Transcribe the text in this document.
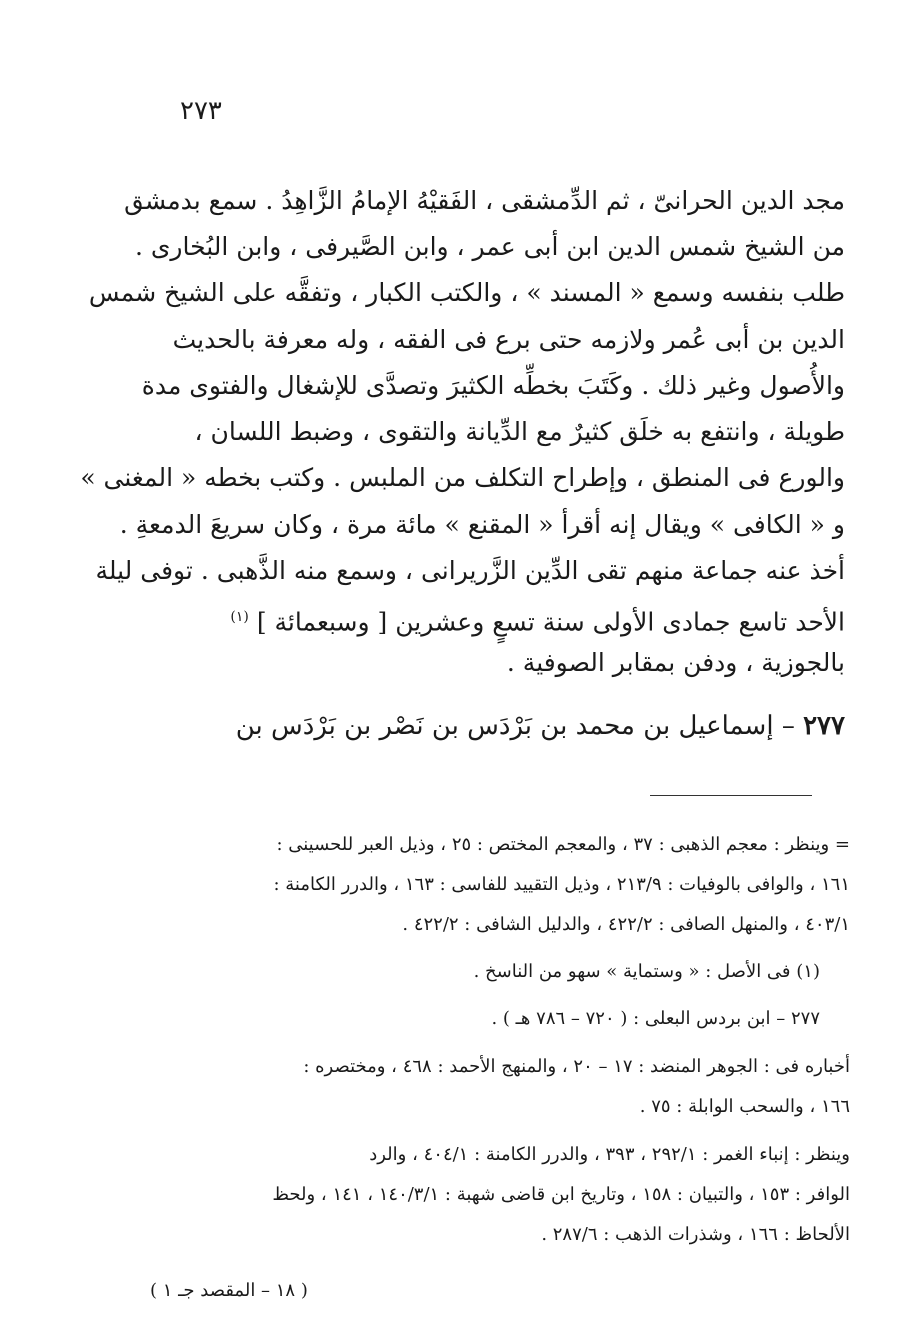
٢٧٣
مجد الدين الحرانىّ ، ثم الدِّمشقى ، الفَقيْهُ الإمامُ الزَّاهِدُ . سمع بدمشق
من الشيخ شمس الدين ابن أبى عمر ، وابن الصَّيرفى ، وابن البُخارى .
طلب بنفسه وسمع « المسند » ، والكتب الكبار ، وتفقَّه على الشيخ شمس
الدين بن أبى عُمر ولازمه حتى برع فى الفقه ، وله معرفة بالحديث
والأُصول وغير ذلك . وكَتَبَ بخطِّه الكثيرَ وتصدَّى للإشغال والفتوى مدة
طويلة ، وانتفع به خلَق كثيرٌ مع الدِّيانة والتقوى ، وضبط اللسان ،
والورع فى المنطق ، وإطراح التكلف من الملبس . وكتب بخطه « المغنى »
و « الكافى » ويقال إنه أقرأ « المقنع » مائة مرة ، وكان سريعَ الدمعةِ .
أخذ عنه جماعة منهم تقى الدِّين الزَّريرانى ، وسمع منه الذَّهبى . توفى ليلة
الأحد تاسع جمادى الأولى سنة تسعٍ وعشرين [ وسبعمائة ] $^{(١)}$
بالجوزية ، ودفن بمقابر الصوفية .
٢٧٧ – إسماعيل بن محمد بن بَرْدَس بن نَصْر بن بَرْدَس بن
= وينظر : معجم الذهبى : ٣٧ ، والمعجم المختص : ٢٥ ، وذيل العبر للحسينى :
١٦١ ، والوافى بالوفيات : ٢١٣/٩ ، وذيل التقييد للفاسى : ١٦٣ ، والدرر الكامنة :
٤٠٣/١ ، والمنهل الصافى : ٤٢٢/٢ ، والدليل الشافى : ٤٢٢/٢ .
(١) فى الأصل : « وستماية » سهو من الناسخ .
٢٧٧ – ابن بردس البعلى : ( ٧٢٠ – ٧٨٦ هـ ) .
أخباره فى : الجوهر المنضد : ١٧ – ٢٠ ، والمنهج الأحمد : ٤٦٨ ، ومختصره :
١٦٦ ، والسحب الوابلة : ٧٥ .
وينظر : إنباء الغمر : ٢٩٢/١ ، ٣٩٣ ، والدرر الكامنة : ٤٠٤/١ ، والرد
الوافر : ١٥٣ ، والتبيان : ١٥٨ ، وتاريخ ابن قاضى شهبة : ١٤٠/٣/١ ، ١٤١ ، ولحظ
الألحاظ : ١٦٦ ، وشذرات الذهب : ٢٨٧/٦ .
( ١٨ – المقصد جـ ١ )
